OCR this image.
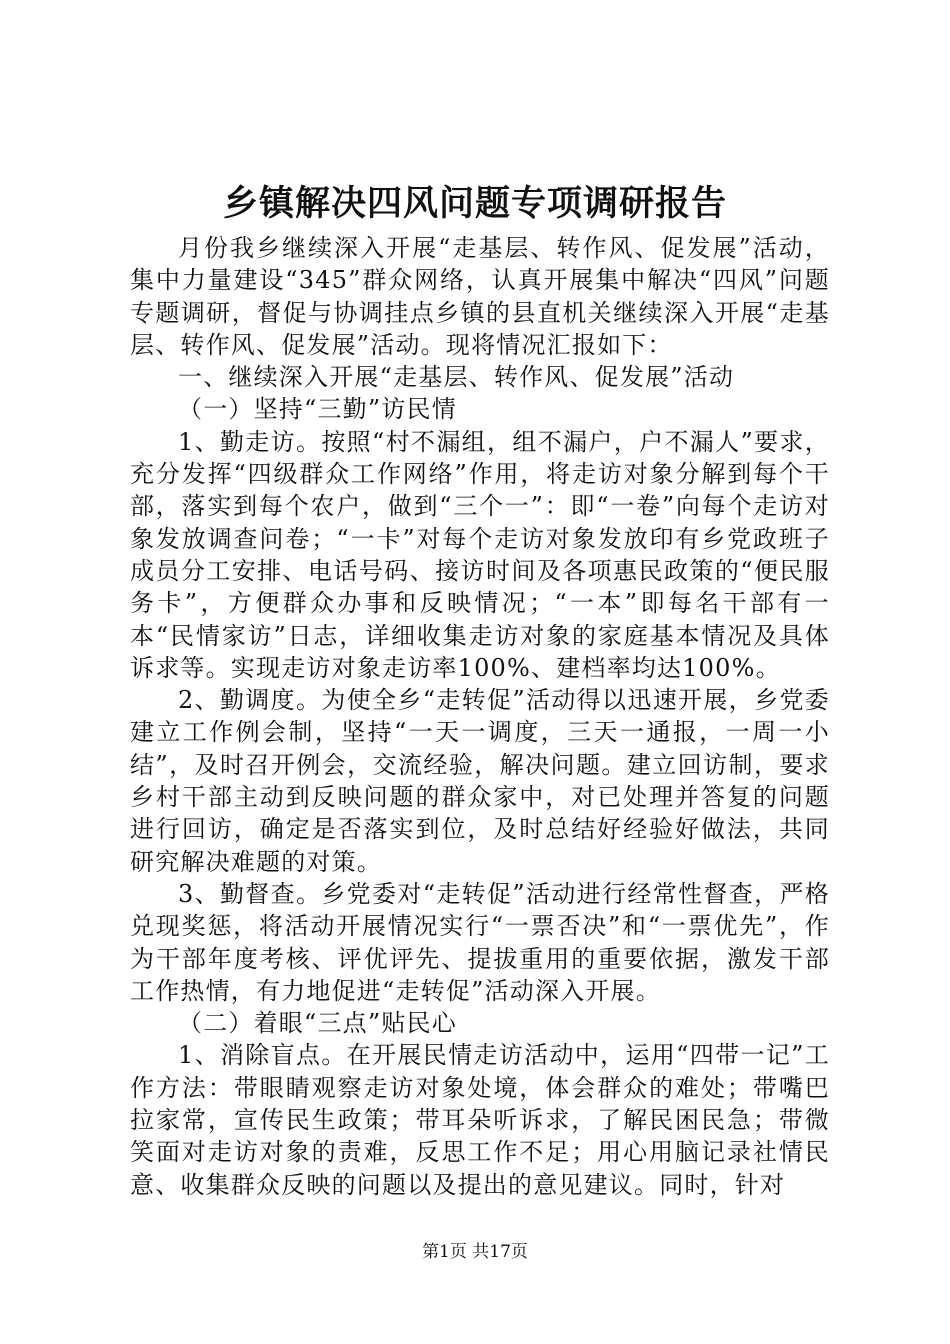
乡镇解决四风问题专项调研报告

月份我乡继续深入开展“走基层、转作风、促发展”活动，集中力量建设“345”群众网络，认真开展集中解决“四风”问题专题调研，督促与协调挂点乡镇的县直机关继续深入开展“走基层、转作风、促发展”活动。现将情况汇报如下：

一、继续深入开展“走基层、转作风、促发展”活动

（一）坚持“三勤”访民情

1、勤走访。按照“村不漏组，组不漏户，户不漏人”要求，充分发挥“四级群众工作网络”作用，将走访对象分解到每个干部，落实到每个农户，做到“三个一”：即“一卷”向每个走访对象发放调查问卷；“一卡”对每个走访对象发放印有乡党政班子成员分工安排、电话号码、接访时间及各项惠民政策的“便民服务卡”，方便群众办事和反映情况；“一本”即每名干部有一本“民情家访”日志，详细收集走访对象的家庭基本情况及具体诉求等。实现走访对象走访率100%、建档率均达100%。

2、勤调度。为使全乡“走转促”活动得以迅速开展，乡党委建立工作例会制，坚持“一天一调度，三天一通报，一周一小结”，及时召开例会，交流经验，解决问题。建立回访制，要求乡村干部主动到反映问题的群众家中，对已处理并答复的问题进行回访，确定是否落实到位，及时总结好经验好做法，共同研究解决难题的对策。

3、勤督查。乡党委对“走转促”活动进行经常性督查，严格兑现奖惩，将活动开展情况实行“一票否决”和“一票优先”，作为干部年度考核、评优评先、提拔重用的重要依据，激发干部工作热情，有力地促进“走转促”活动深入开展。

（二）着眼“三点”贴民心

1、消除盲点。在开展民情走访活动中，运用“四带一记”工作方法：带眼睛观察走访对象处境，体会群众的难处；带嘴巴拉家常，宣传民生政策；带耳朵听诉求，了解民困民急；带微笑面对走访对象的责难，反思工作不足；用心用脑记录社情民意、收集群众反映的问题以及提出的意见建议。同时，针对

第1页 共17页
